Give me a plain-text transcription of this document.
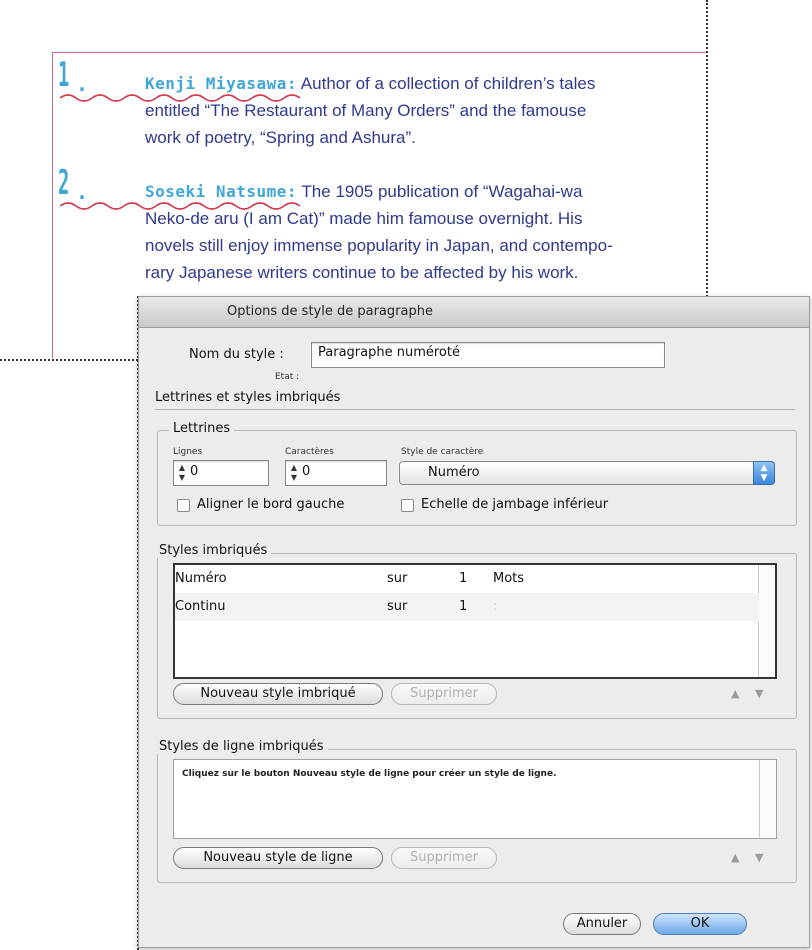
1 .	Kenji Miyasawa: Author of a collection of children’s tales
entitled “The Restaurant of Many Orders” and the famouse
work of poetry, “Spring and Ashura”.
2 .	Soseki Natsume: The 1905 publication of “Wagahai-wa
Neko-de aru (I am Cat)” made him famouse overnight. His
novels still enjoy immense popularity in Japan, and contempo-
rary Japanese writers continue to be affected by his work.
Options de style de paragraphe
Nom du style :	Paragraphe numéroté
Etat :
Lettrines et styles imbriqués
Lettrines
Lignes
▲
▼ 0
Caractères
▲
▼ 0
Style de caractère
Numéro	▲
▼
Aligner le bord gauche	Echelle de jambage inférieur
Styles imbriqués
Numéro	sur	1 Mots
Continu	sur	1 :
Nouveau style imbriqué	Supprimer	▲ ▼
Styles de ligne imbriqués
Cliquez sur le bouton Nouveau style de ligne pour créer un style de ligne.
Nouveau style de ligne	Supprimer	▲ ▼
Annuler	OK
